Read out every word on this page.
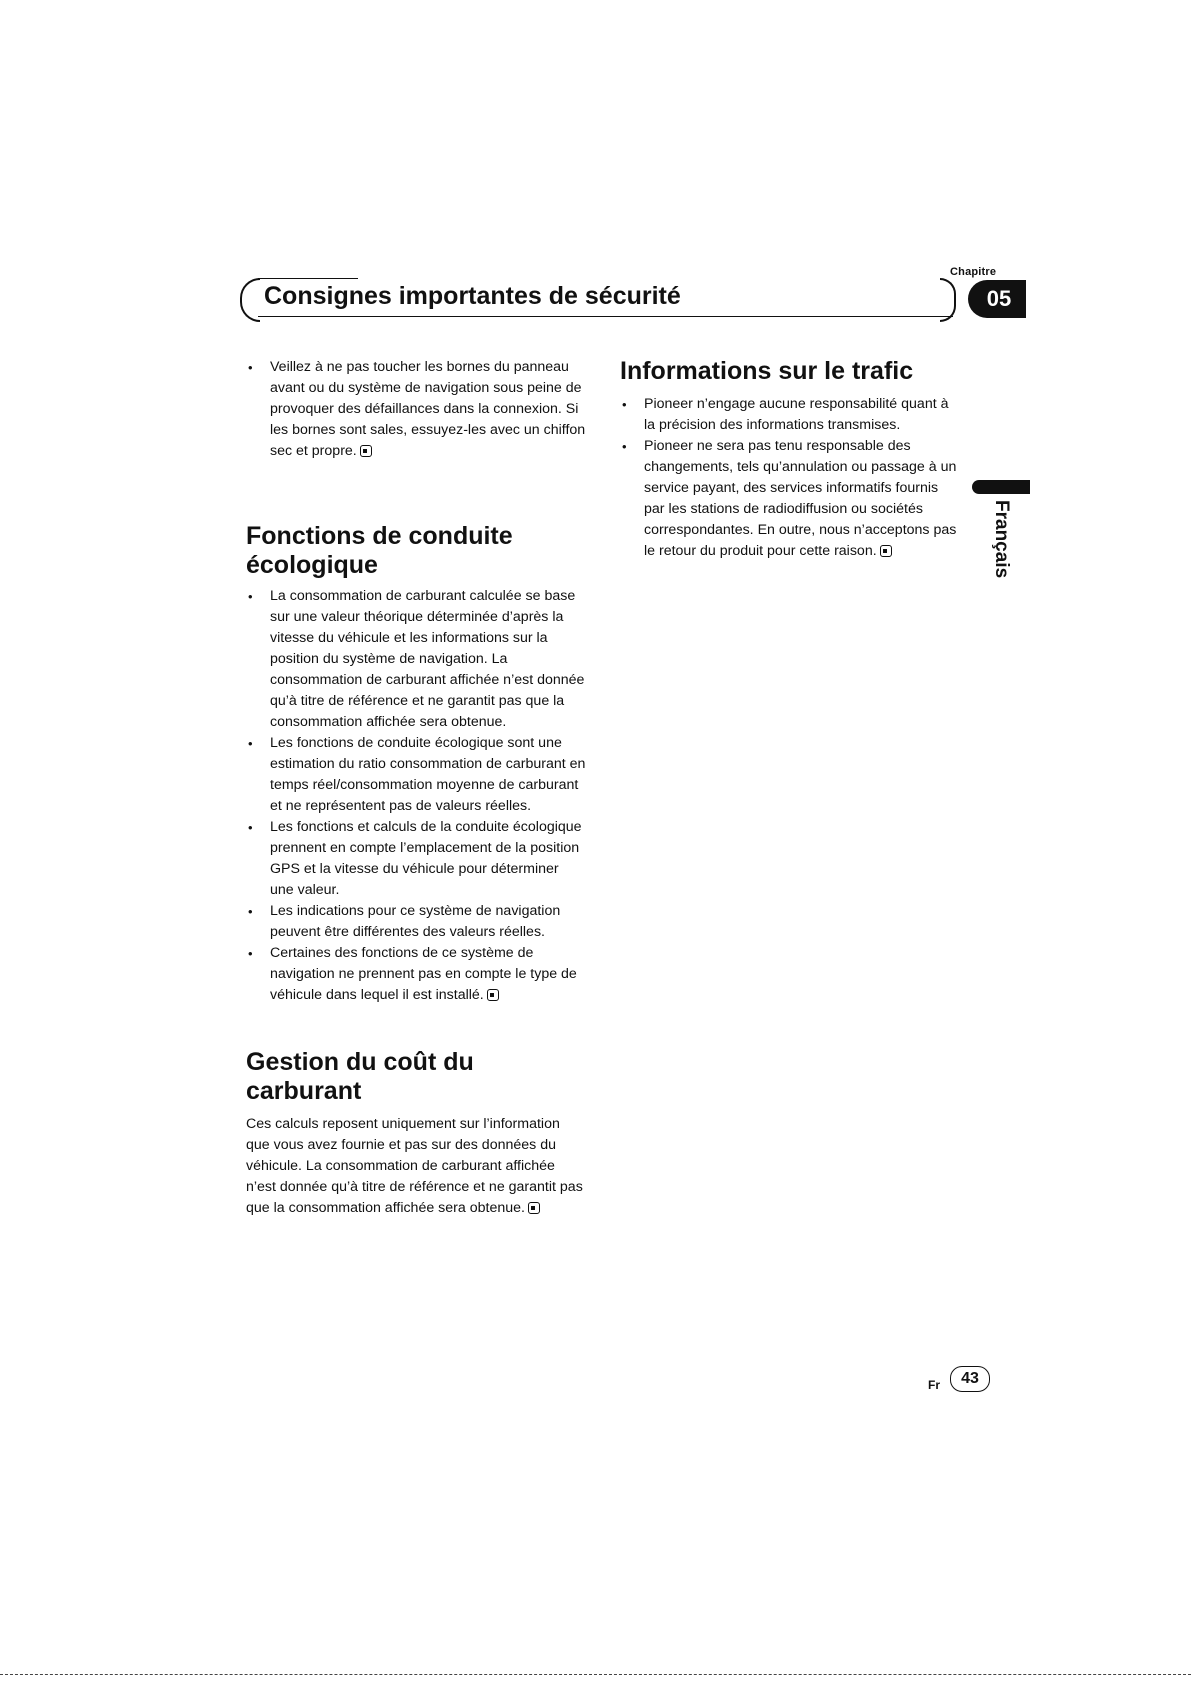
Chapitre
Consignes importantes de sécurité	05
• Veillez à ne pas toucher les bornes du panneau avant ou du système de navigation sous peine de provoquer des défaillances dans la connexion. Si les bornes sont sales, essuyez-les avec un chiffon sec et propre.
Fonctions de conduite écologique
• La consommation de carburant calculée se base sur une valeur théorique déterminée d’après la vitesse du véhicule et les informations sur la position du système de navigation. La consommation de carburant affichée n’est donnée qu’à titre de référence et ne garantit pas que la consommation affichée sera obtenue.
• Les fonctions de conduite écologique sont une estimation du ratio consommation de carburant en temps réel/consommation moyenne de carburant et ne représentent pas de valeurs réelles.
• Les fonctions et calculs de la conduite écologique prennent en compte l’emplacement de la position GPS et la vitesse du véhicule pour déterminer une valeur.
• Les indications pour ce système de navigation peuvent être différentes des valeurs réelles.
• Certaines des fonctions de ce système de navigation ne prennent pas en compte le type de véhicule dans lequel il est installé.
Gestion du coût du carburant

Ces calculs reposent uniquement sur l’information que vous avez fournie et pas sur des données du véhicule. La consommation de carburant affichée n’est donnée qu’à titre de référence et ne garantit pas que la consommation affichée sera obtenue.

Informations sur le trafic
• Pioneer n’engage aucune responsabilité quant à la précision des informations transmises.
• Pioneer ne sera pas tenu responsable des changements, tels qu’annulation ou passage à un service payant, des services informatifs fournis par les stations de radiodiffusion ou sociétés correspondantes. En outre, nous n’acceptons pas le retour du produit pour cette raison.	Français
Fr	43
